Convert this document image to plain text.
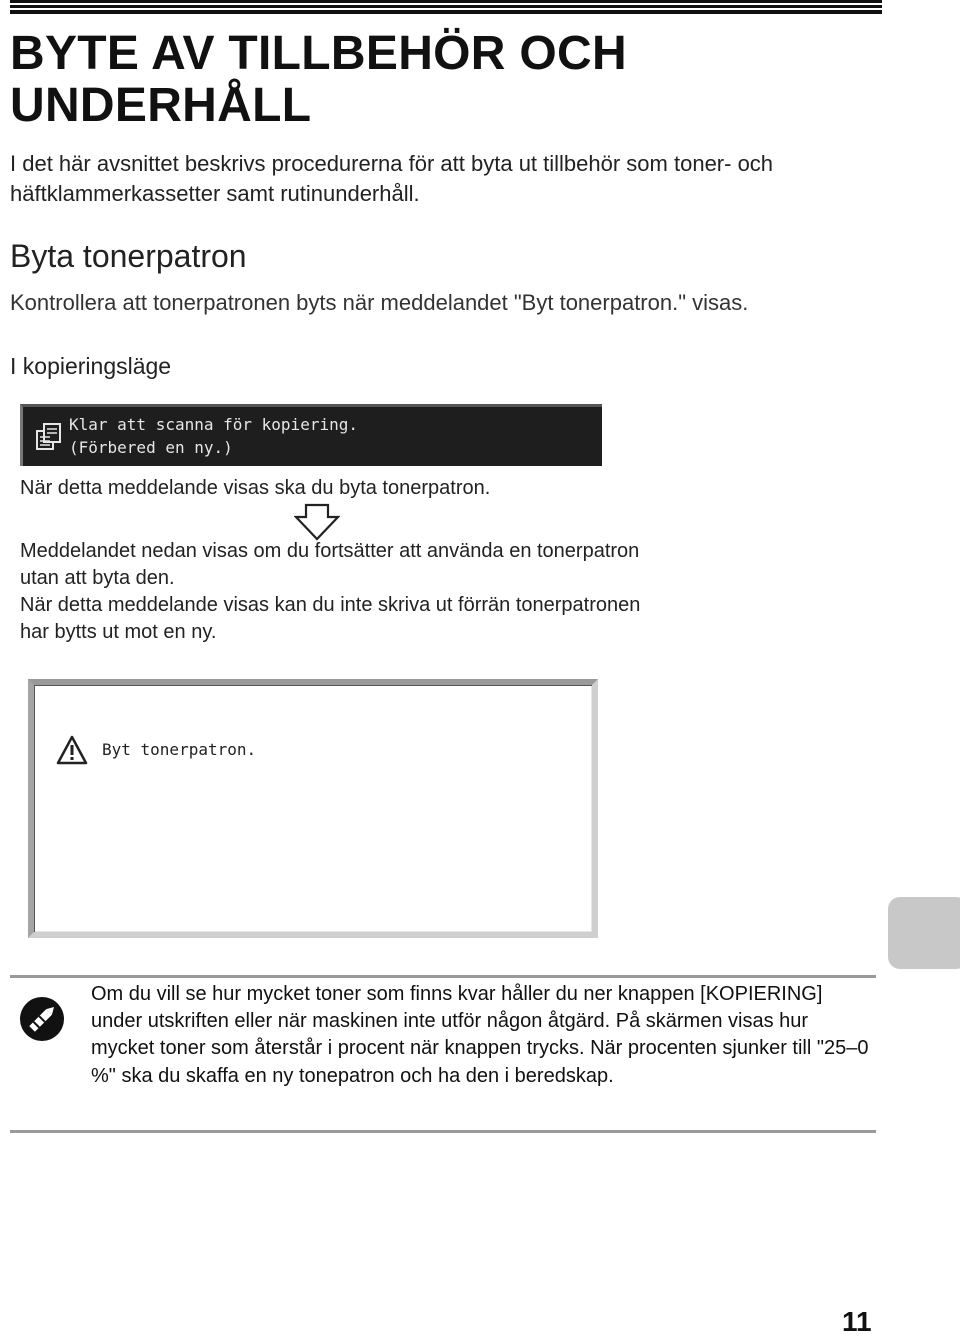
BYTE AV TILLBEHÖR OCH UNDERHÅLL
I det här avsnittet beskrivs procedurerna för att byta ut tillbehör som toner- och häftklammerkassetter samt rutinunderhåll.
Byta tonerpatron
Kontrollera att tonerpatronen byts när meddelandet "Byt tonerpatron." visas.
I kopieringsläge
Klar att scanna för kopiering.
(Förbered en ny.)
När detta meddelande visas ska du byta tonerpatron.
Meddelandet nedan visas om du fortsätter att använda en tonerpatron utan att byta den.
När detta meddelande visas kan du inte skriva ut förrän tonerpatronen har bytts ut mot en ny.
Byt tonerpatron.
Om du vill se hur mycket toner som finns kvar håller du ner knappen [KOPIERING] under utskriften eller när maskinen inte utför någon åtgärd. På skärmen visas hur mycket toner som återstår i procent när knappen trycks. När procenten sjunker till "25–0 %" ska du skaffa en ny tonepatron och ha den i beredskap.
11
